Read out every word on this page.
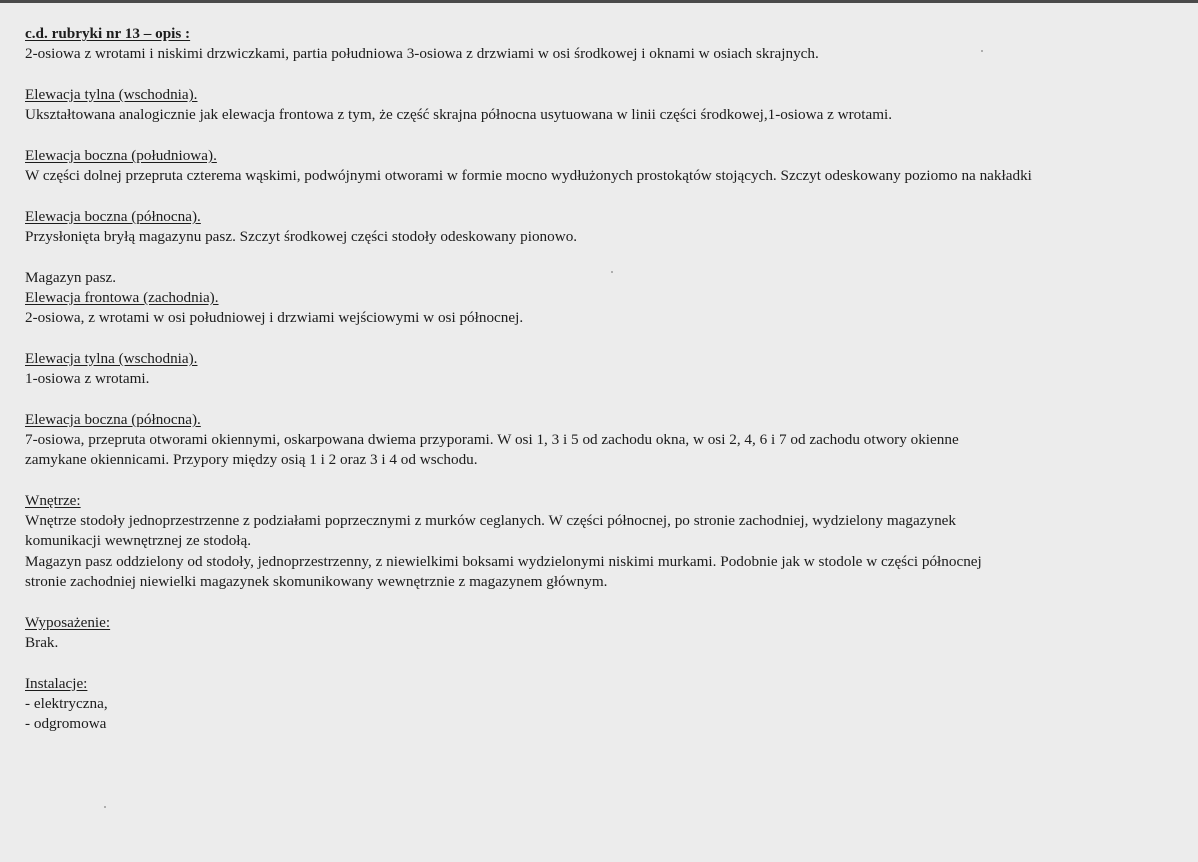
c.d. rubryki nr 13 – opis :
2-osiowa z wrotami i niskimi drzwiczkami, partia południowa 3-osiowa z drzwiami w osi środkowej i oknami w osiach skrajnych.
Elewacja tylna (wschodnia).
Ukształtowana analogicznie jak elewacja frontowa z tym, że część skrajna północna usytuowana w linii części środkowej,1-osiowa z wrotami.
Elewacja boczna (południowa).
W części dolnej przepruta czterema wąskimi, podwójnymi otworami w formie mocno wydłużonych prostokątów stojących. Szczyt odeskowany poziomo na nakładki
Elewacja boczna (północna).
Przysłonięta bryłą magazynu pasz. Szczyt środkowej części stodoły odeskowany pionowo.
Magazyn pasz.
Elewacja frontowa (zachodnia).
2-osiowa, z wrotami w osi południowej i drzwiami wejściowymi w osi północnej.
Elewacja tylna (wschodnia).
1-osiowa z wrotami.
Elewacja boczna (północna).
7-osiowa, przepruta otworami okiennymi, oskarpowana dwiema przyporami. W osi 1, 3 i 5 od zachodu okna, w osi 2, 4, 6 i 7 od zachodu otwory okienne
zamykane okiennicami. Przypory między osią 1 i 2 oraz 3 i 4 od wschodu.
Wnętrze:
Wnętrze stodoły jednoprzestrzenne z podziałami poprzecznymi z murków ceglanych. W części północnej, po stronie zachodniej, wydzielony magazynek
komunikacji wewnętrznej ze stodołą.
Magazyn pasz oddzielony od stodoły, jednoprzestrzenny, z niewielkimi boksami wydzielonymi niskimi murkami. Podobnie jak w stodole w części północnej
stronie zachodniej niewielki magazynek skomunikowany wewnętrznie z magazynem głównym.
Wyposażenie:
Brak.
Instalacje:
- elektryczna,
- odgromowa
